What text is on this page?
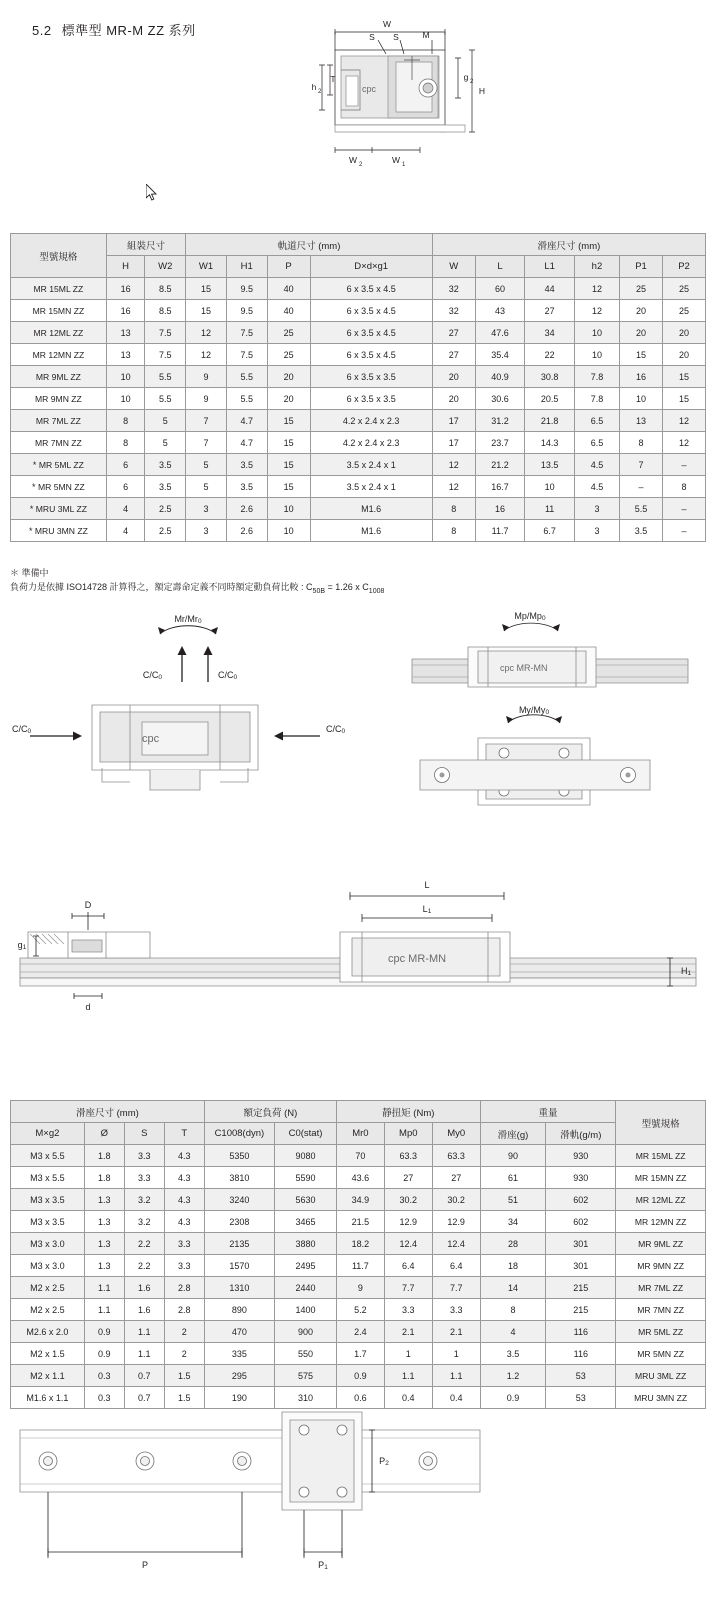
5.2 標準型 MR-M ZZ 系列	W
S S	M
h 2
T
H
g 2
W 2	W 1
cpc
型號規格	組裝尺寸		軌道尺寸 (mm)				滑座尺寸 (mm)					
	H	W2	W1	H1	P	D×d×g1	W	L	L1	h2	P1	P2
MR 15ML ZZ	16	8.5	15	9.5	40	6 x 3.5 x 4.5	32	60	44	12	25	25
MR 15MN ZZ	16	8.5	15	9.5	40	6 x 3.5 x 4.5	32	43	27	12	20	25
MR 12ML ZZ	13	7.5	12	7.5	25	6 x 3.5 x 4.5	27	47.6	34	10	20	20
MR 12MN ZZ	13	7.5	12	7.5	25	6 x 3.5 x 4.5	27	35.4	22	10	15	20
MR 9ML ZZ	10	5.5	9	5.5	20	6 x 3.5 x 3.5	20	40.9	30.8	7.8	16	15
MR 9MN ZZ	10	5.5	9	5.5	20	6 x 3.5 x 3.5	20	30.6	20.5	7.8	10	15
MR 7ML ZZ	8	5	7	4.7	15	4.2 x 2.4 x 2.3	17	31.2	21.8	6.5	13	12
MR 7MN ZZ	8	5	7	4.7	15	4.2 x 2.4 x 2.3	17	23.7	14.3	6.5	8	12
* MR 5ML ZZ	6	3.5	5	3.5	15	3.5 x 2.4 x 1	12	21.2	13.5	4.5	7	–
* MR 5MN ZZ	6	3.5	5	3.5	15	3.5 x 2.4 x 1	12	16.7	10	4.5	–	8
* MRU 3ML ZZ	4	2.5	3	2.6	10	M1.6	8	16	11	3	5.5	–
* MRU 3MN ZZ	4	2.5	3	2.6	10	M1.6	8	11.7	6.7	3	3.5	–
＊ 準備中
負荷力是依據 ISO14728 計算得之，額定壽命定義不同時額定動負荷比較 : $C_{50B} = 1.26$ x $C_{1008}$
Mr/Mr0
C/C0	C/C0
C/C0	C/C0
cpc
Mp/Mp0
My/My0
cpc MR-MN
L
L1
D
d
g1
H1
cpc MR-MN
滑座尺寸 (mm)				額定負荷 (N)		靜扭矩 (Nm)			重量		型號規格
M×g2	Ø	S	T	C1008(dyn)	C0(stat)	Mr0	Mp0	My0	滑座(g)	滑軌(g/m)	
M3 x 5.5	1.8	3.3	4.3	5350	9080	70	63.3	63.3	90	930	MR 15ML ZZ
M3 x 5.5	1.8	3.3	4.3	3810	5590	43.6	27	27	61	930	MR 15MN ZZ
M3 x 3.5	1.3	3.2	4.3	3240	5630	34.9	30.2	30.2	51	602	MR 12ML ZZ
M3 x 3.5	1.3	3.2	4.3	2308	3465	21.5	12.9	12.9	34	602	MR 12MN ZZ
M3 x 3.0	1.3	2.2	3.3	2135	3880	18.2	12.4	12.4	28	301	MR 9ML ZZ
M3 x 3.0	1.3	2.2	3.3	1570	2495	11.7	6.4	6.4	18	301	MR 9MN ZZ
M2 x 2.5	1.1	1.6	2.8	1310	2440	9	7.7	7.7	14	215	MR 7ML ZZ
M2 x 2.5	1.1	1.6	2.8	890	1400	5.2	3.3	3.3	8	215	MR 7MN ZZ
M2.6 x 2.0	0.9	1.1	2	470	900	2.4	2.1	2.1	4	116	MR 5ML ZZ
M2 x 1.5	0.9	1.1	2	335	550	1.7	1	1	3.5	116	MR 5MN ZZ
M2 x 1.1	0.3	0.7	1.5	295	575	0.9	1.1	1.1	1.2	53	MRU 3ML ZZ
M1.6 x 1.1	0.3	0.7	1.5	190	310	0.6	0.4	0.4	0.9	53	MRU 3MN ZZ
P	P1
P2
